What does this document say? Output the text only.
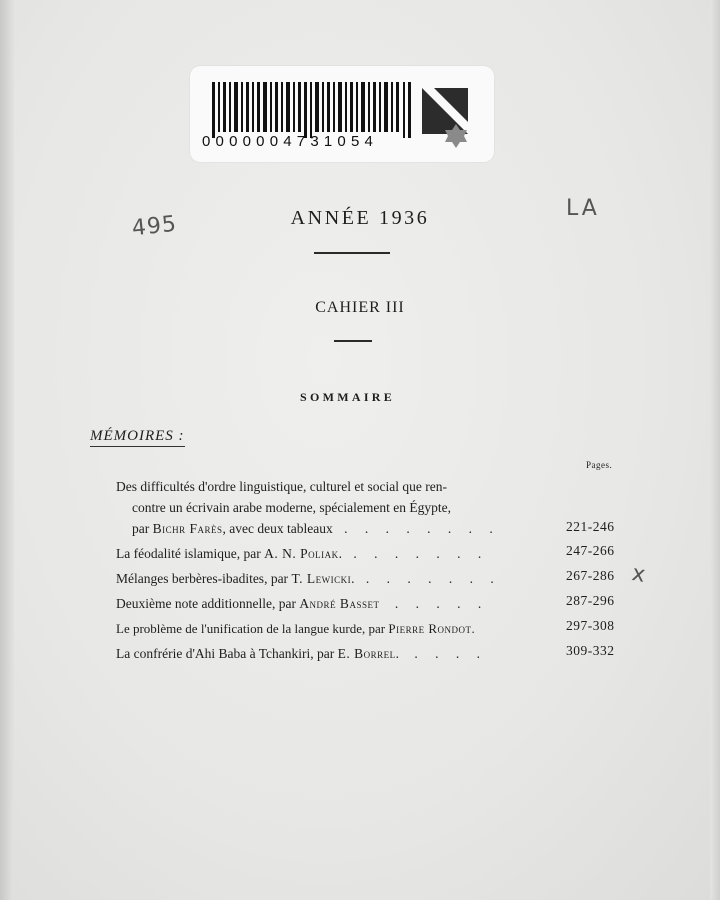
0000004731054
495
LA
x
ANNÉE 1936
CAHIER III
SOMMAIRE
MÉMOIRES :
Pages.
Des difficultés d'ordre linguistique, culturel et social que ren-
contre un écrivain arabe moderne, spécialement en Égypte,
par Bichr Farès, avec deux tableaux . . . . . . . .	221-246
La féodalité islamique, par A. N. Poliak. . . . . . . .	247-266
Mélanges berbères-ibadites, par T. Lewicki. . . . . . . .	267-286
Deuxième note additionnelle, par André Basset . . . . .	287-296
Le problème de l'unification de la langue kurde, par Pierre Rondot.	297-308
La confrérie d'Ahi Baba à Tchankiri, par E. Borrel. . . . .	309-332
